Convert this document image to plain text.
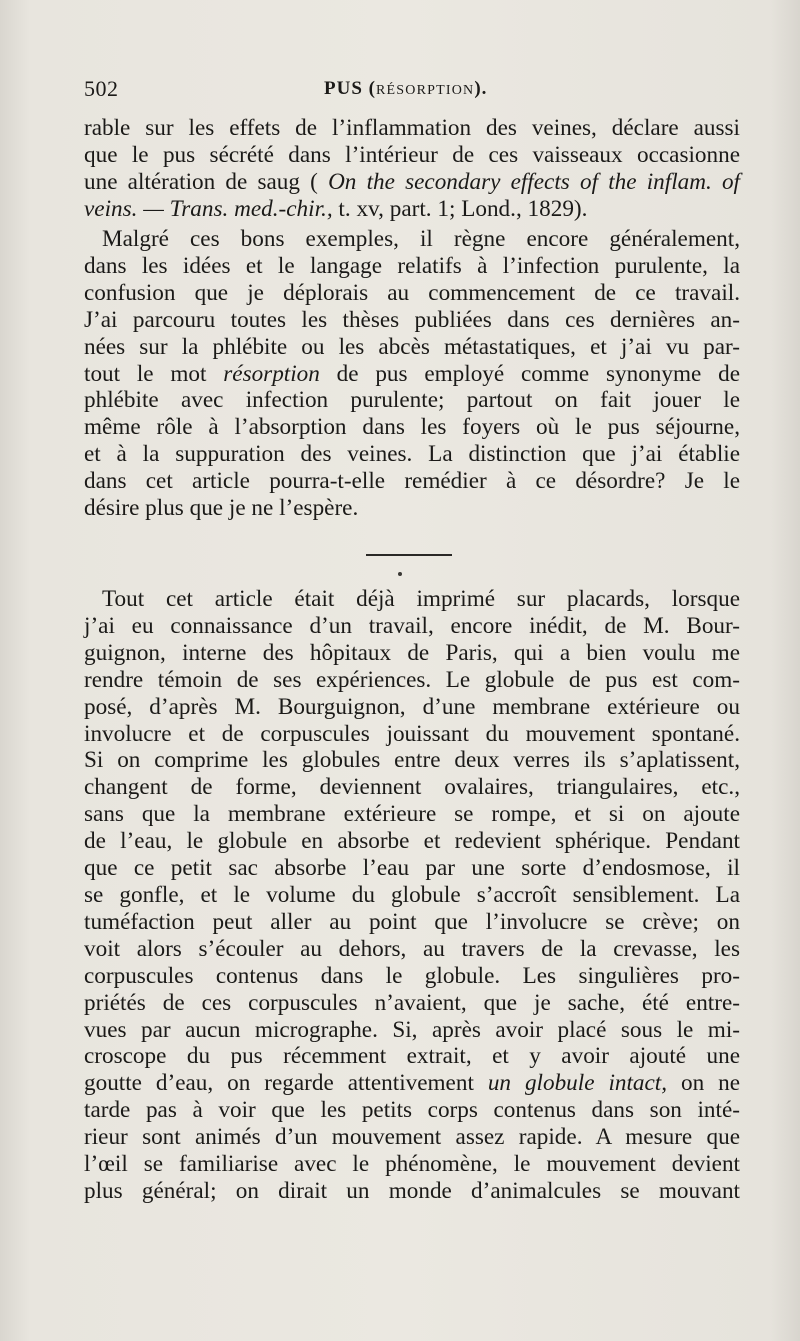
502	PUS (RÉSORPTION).
rable sur les effets de l’inflammation des veines, déclare aussi
que le pus sécrété dans l’intérieur de ces vaisseaux occasionne
une altération de saug ( On the secondary effects of the inflam. of
veins. — Trans. med.-chir., t. xv, part. 1; Lond., 1829).
Malgré ces bons exemples, il règne encore généralement,
dans les idées et le langage relatifs à l’infection purulente, la
confusion que je déplorais au commencement de ce travail.
J’ai parcouru toutes les thèses publiées dans ces dernières an-
nées sur la phlébite ou les abcès métastatiques, et j’ai vu par-
tout le mot résorption de pus employé comme synonyme de
phlébite avec infection purulente; partout on fait jouer le
même rôle à l’absorption dans les foyers où le pus séjourne,
et à la suppuration des veines. La distinction que j’ai établie
dans cet article pourra-t-elle remédier à ce désordre? Je le
désire plus que je ne l’espère.
Tout cet article était déjà imprimé sur placards, lorsque
j’ai eu connaissance d’un travail, encore inédit, de M. Bour-
guignon, interne des hôpitaux de Paris, qui a bien voulu me
rendre témoin de ses expériences. Le globule de pus est com-
posé, d’après M. Bourguignon, d’une membrane extérieure ou
involucre et de corpuscules jouissant du mouvement spontané.
Si on comprime les globules entre deux verres ils s’aplatissent,
changent de forme, deviennent ovalaires, triangulaires, etc.,
sans que la membrane extérieure se rompe, et si on ajoute
de l’eau, le globule en absorbe et redevient sphérique. Pendant
que ce petit sac absorbe l’eau par une sorte d’endosmose, il
se gonfle, et le volume du globule s’accroît sensiblement. La
tuméfaction peut aller au point que l’involucre se crève; on
voit alors s’écouler au dehors, au travers de la crevasse, les
corpuscules contenus dans le globule. Les singulières pro-
priétés de ces corpuscules n’avaient, que je sache, été entre-
vues par aucun micrographe. Si, après avoir placé sous le mi-
croscope du pus récemment extrait, et y avoir ajouté une
goutte d’eau, on regarde attentivement un globule intact, on ne
tarde pas à voir que les petits corps contenus dans son inté-
rieur sont animés d’un mouvement assez rapide. A mesure que
l’œil se familiarise avec le phénomène, le mouvement devient
plus général; on dirait un monde d’animalcules se mouvant
